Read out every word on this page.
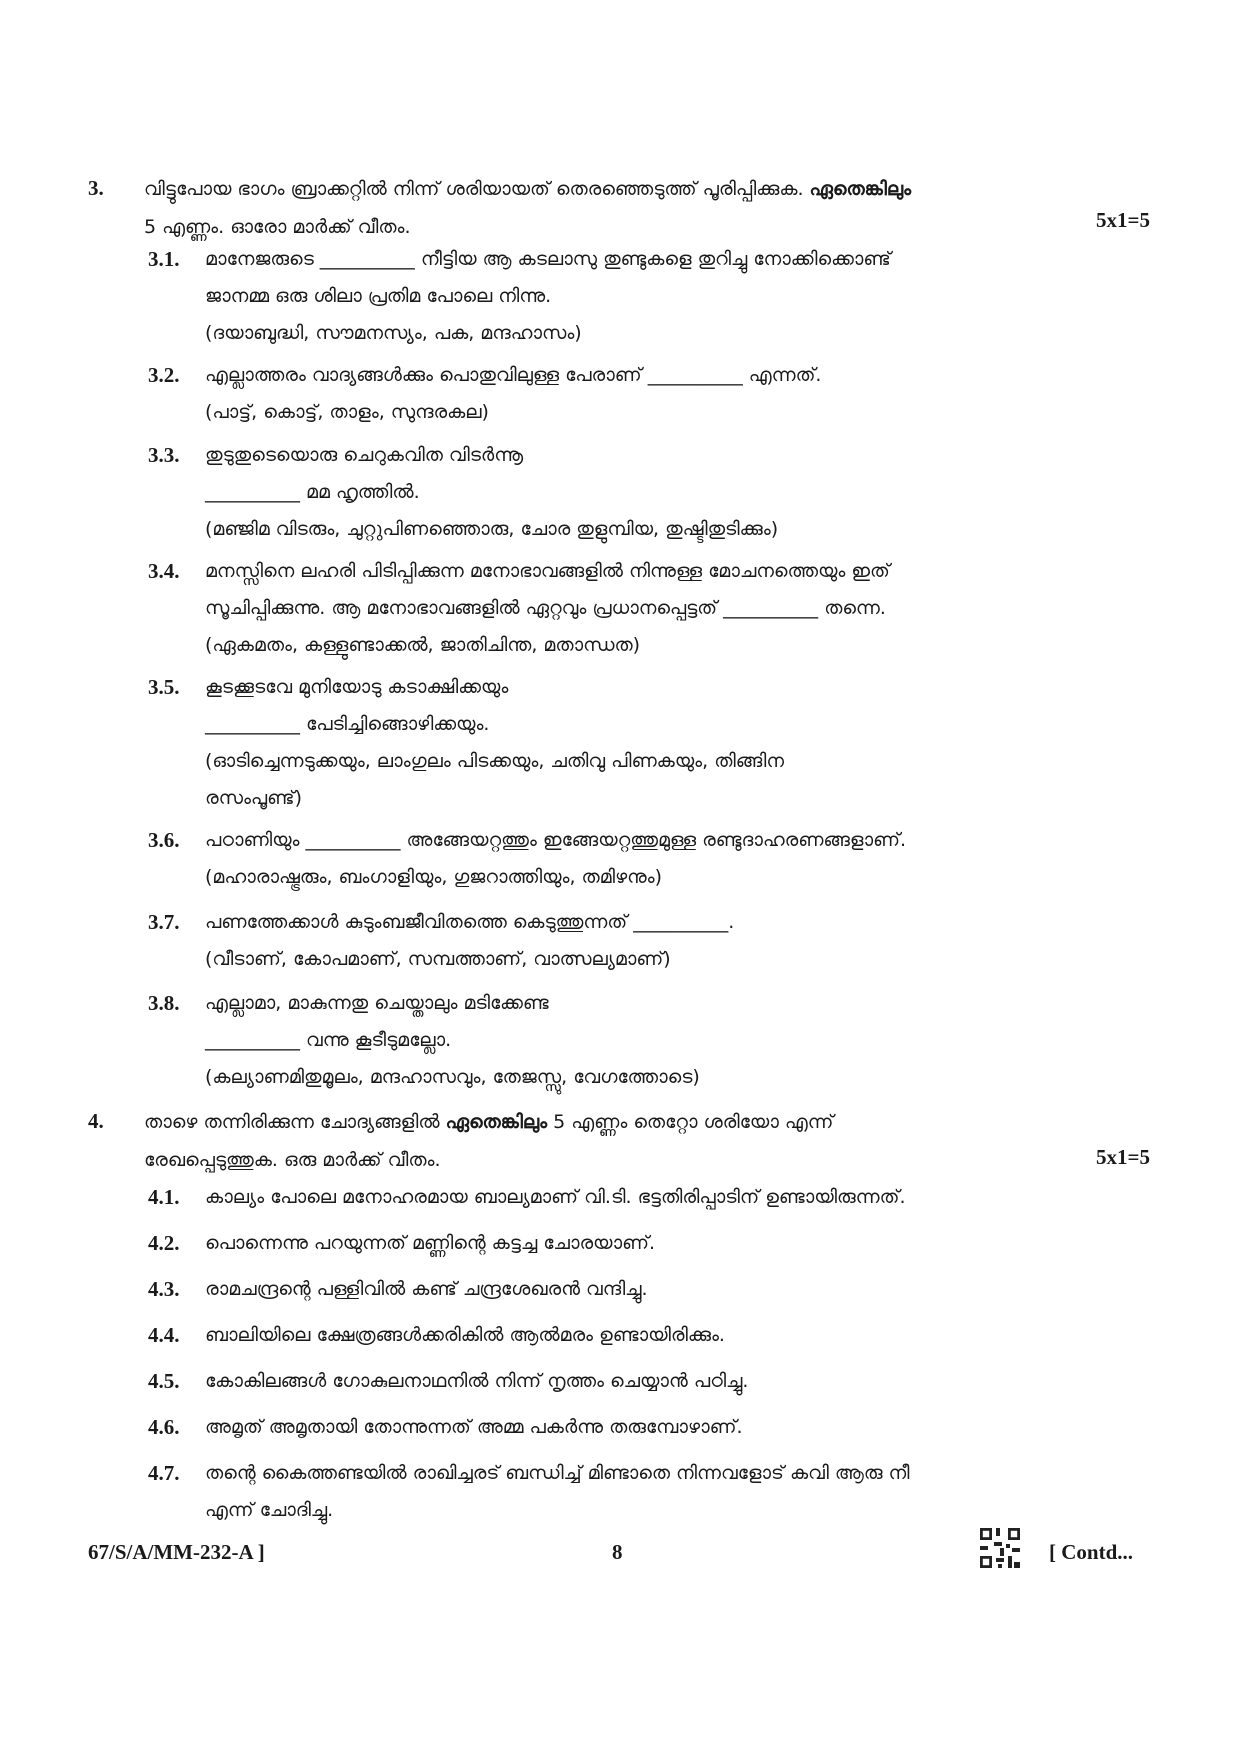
3. വിട്ടുപോയ ഭാഗം ബ്രാക്കറ്റിൽ നിന്ന് ശരിയായത് തെരഞ്ഞെടുത്ത് പൂരിപ്പിക്കുക. ഏതെങ്കിലും
5 എണ്ണം. ഓരോ മാർക്ക് വീതം.	5x1=5
3.1. മാനേജരുടെ __________ നീട്ടിയ ആ കടലാസു തുണ്ടുകളെ തുറിച്ചു നോക്കിക്കൊണ്ട്
ജാനമ്മ ഒരു ശിലാ പ്രതിമ പോലെ നിന്നു.
(ദയാബുദ്ധി, സൗമനസ്യം, പക, മന്ദഹാസം)
3.2. എല്ലാത്തരം വാദ്യങ്ങൾക്കും പൊതുവിലുള്ള പേരാണ് __________ എന്നത്.
(പാട്ട്, കൊട്ട്, താളം, സുന്ദരകല)
3.3. തുടുതുടെയൊരു ചെറുകവിത വിടർന്നൂ
__________ മമ ഹൃത്തിൽ.
(മഞ്ജിമ വിടരും, ചുറ്റുപിണഞ്ഞൊരു, ചോര തുളുമ്പിയ, തുഷ്ടിതുടിക്കും)
3.4. മനസ്സിനെ ലഹരി പിടിപ്പിക്കുന്ന മനോഭാവങ്ങളിൽ നിന്നുള്ള മോചനത്തെയും ഇത്
സൂചിപ്പിക്കുന്നു. ആ മനോഭാവങ്ങളിൽ ഏറ്റവും പ്രധാനപ്പെട്ടത് __________ തന്നെ.
(ഏകമതം, കള്ളുണ്ടാക്കൽ, ജാതിചിന്ത, മതാന്ധത)
3.5. കൂടക്കൂടവേ മുനിയോടു കടാക്ഷിക്കയും
__________ പേടിച്ചിങ്ങൊഴിക്കയും.
(ഓടിച്ചെന്നടുക്കയും, ലാംഗുലം പിടക്കയും, ചതിവു പിണകയും, തിങ്ങിന
രസംപൂണ്ട്)
3.6. പഠാണിയും __________ അങ്ങേയറ്റത്തും ഇങ്ങേയറ്റത്തുമുള്ള രണ്ടുദാഹരണങ്ങളാണ്.
(മഹാരാഷ്ട്രരും, ബംഗാളിയും, ഗുജറാത്തിയും, തമിഴനും)
3.7. പണത്തേക്കാൾ കുടുംബജീവിതത്തെ കെടുത്തുന്നത് __________.
(വീടാണ്, കോപമാണ്, സമ്പത്താണ്, വാത്സല്യമാണ്)
3.8. എല്ലാമാ, മാകുന്നതു ചെയ്താലും മടിക്കേണ്ട
__________ വന്നു കൂടീടുമല്ലോ.
(കല്യാണമിതുമൂലം, മന്ദഹാസവും, തേജസ്സു, വേഗത്തോടെ)
4. താഴെ തന്നിരിക്കുന്ന ചോദ്യങ്ങളിൽ ഏതെങ്കിലും 5 എണ്ണം തെറ്റോ ശരിയോ എന്ന്
രേഖപ്പെടുത്തുക. ഒരു മാർക്ക് വീതം.	5x1=5
4.1. കാല്യം പോലെ മനോഹരമായ ബാല്യമാണ് വി.ടി. ഭട്ടതിരിപ്പാടിന് ഉണ്ടായിരുന്നത്.
4.2. പൊന്നെന്നു പറയുന്നത് മണ്ണിന്റെ കട്ടച്ച ചോരയാണ്.
4.3. രാമചന്ദ്രന്റെ പള്ളിവിൽ കണ്ട് ചന്ദ്രശേഖരൻ വന്ദിച്ചു.
4.4. ബാലിയിലെ ക്ഷേത്രങ്ങൾക്കരികിൽ ആൽമരം ഉണ്ടായിരിക്കും.
4.5. കോകിലങ്ങൾ ഗോകുലനാഥനിൽ നിന്ന് നൃത്തം ചെയ്യാൻ പഠിച്ചു.
4.6. അമൃത് അമൃതായി തോന്നുന്നത് അമ്മ പകർന്നു തരുമ്പോഴാണ്.
4.7. തന്റെ കൈത്തണ്ടയിൽ രാഖിച്ചരട് ബന്ധിച്ച് മിണ്ടാതെ നിന്നവളോട് കവി ആരു നീ
എന്ന് ചോദിച്ചു.
67/S/A/MM-232-A ]	8	[ Contd...
